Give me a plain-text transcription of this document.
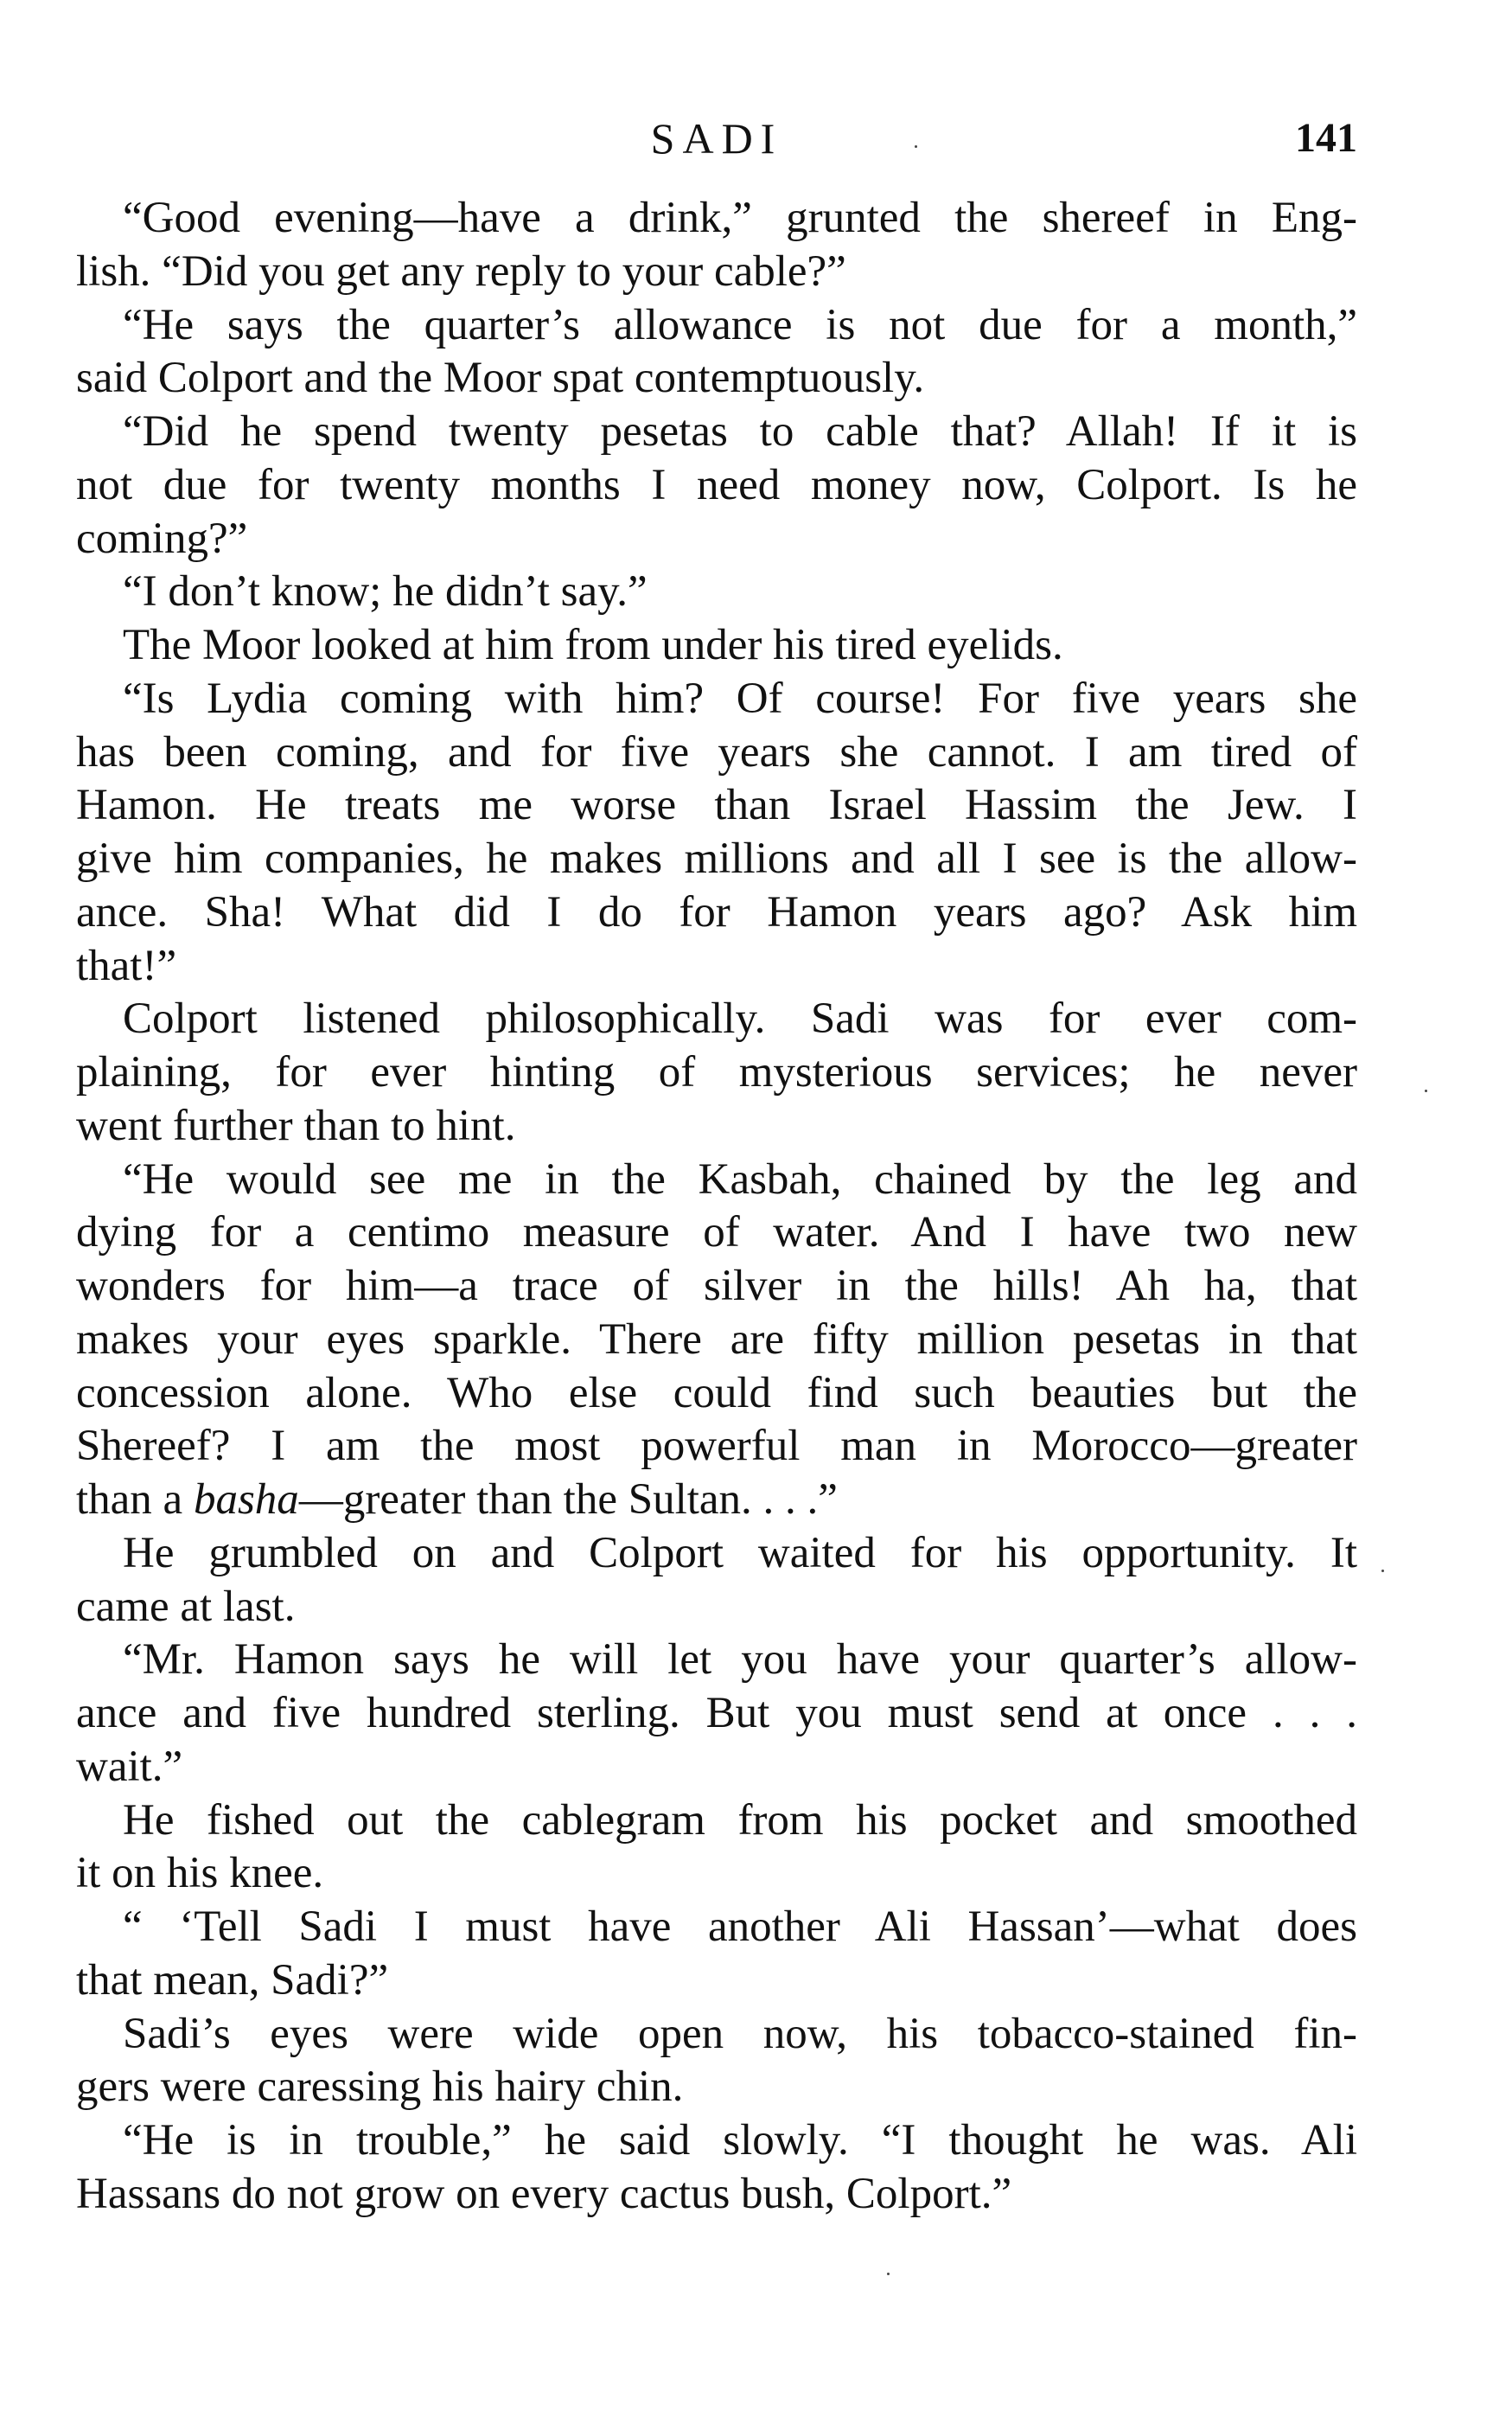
SADI	141
“Good evening—have a drink,” grunted the shereef in Eng-
lish. “Did you get any reply to your cable?”
“He says the quarter’s allowance is not due for a month,”
said Colport and the Moor spat contemptuously.
“Did he spend twenty pesetas to cable that? Allah! If it is
not due for twenty months I need money now, Colport. Is he
coming?”
“I don’t know; he didn’t say.”
The Moor looked at him from under his tired eyelids.
“Is Lydia coming with him? Of course! For five years she
has been coming, and for five years she cannot. I am tired of
Hamon. He treats me worse than Israel Hassim the Jew. I
give him companies, he makes millions and all I see is the allow-
ance. Sha! What did I do for Hamon years ago? Ask him
that!”
Colport listened philosophically. Sadi was for ever com-
plaining, for ever hinting of mysterious services; he never
went further than to hint.
“He would see me in the Kasbah, chained by the leg and
dying for a centimo measure of water. And I have two new
wonders for him—a trace of silver in the hills! Ah ha, that
makes your eyes sparkle. There are fifty million pesetas in that
concession alone. Who else could find such beauties but the
Shereef? I am the most powerful man in Morocco—greater
than a basha—greater than the Sultan. . . .”
He grumbled on and Colport waited for his opportunity. It
came at last.
“Mr. Hamon says he will let you have your quarter’s allow-
ance and five hundred sterling. But you must send at once . . .
wait.”
He fished out the cablegram from his pocket and smoothed
it on his knee.
“ ‘Tell Sadi I must have another Ali Hassan’—what does
that mean, Sadi?”
Sadi’s eyes were wide open now, his tobacco-stained fin-
gers were caressing his hairy chin.
“He is in trouble,” he said slowly. “I thought he was. Ali
Hassans do not grow on every cactus bush, Colport.”
